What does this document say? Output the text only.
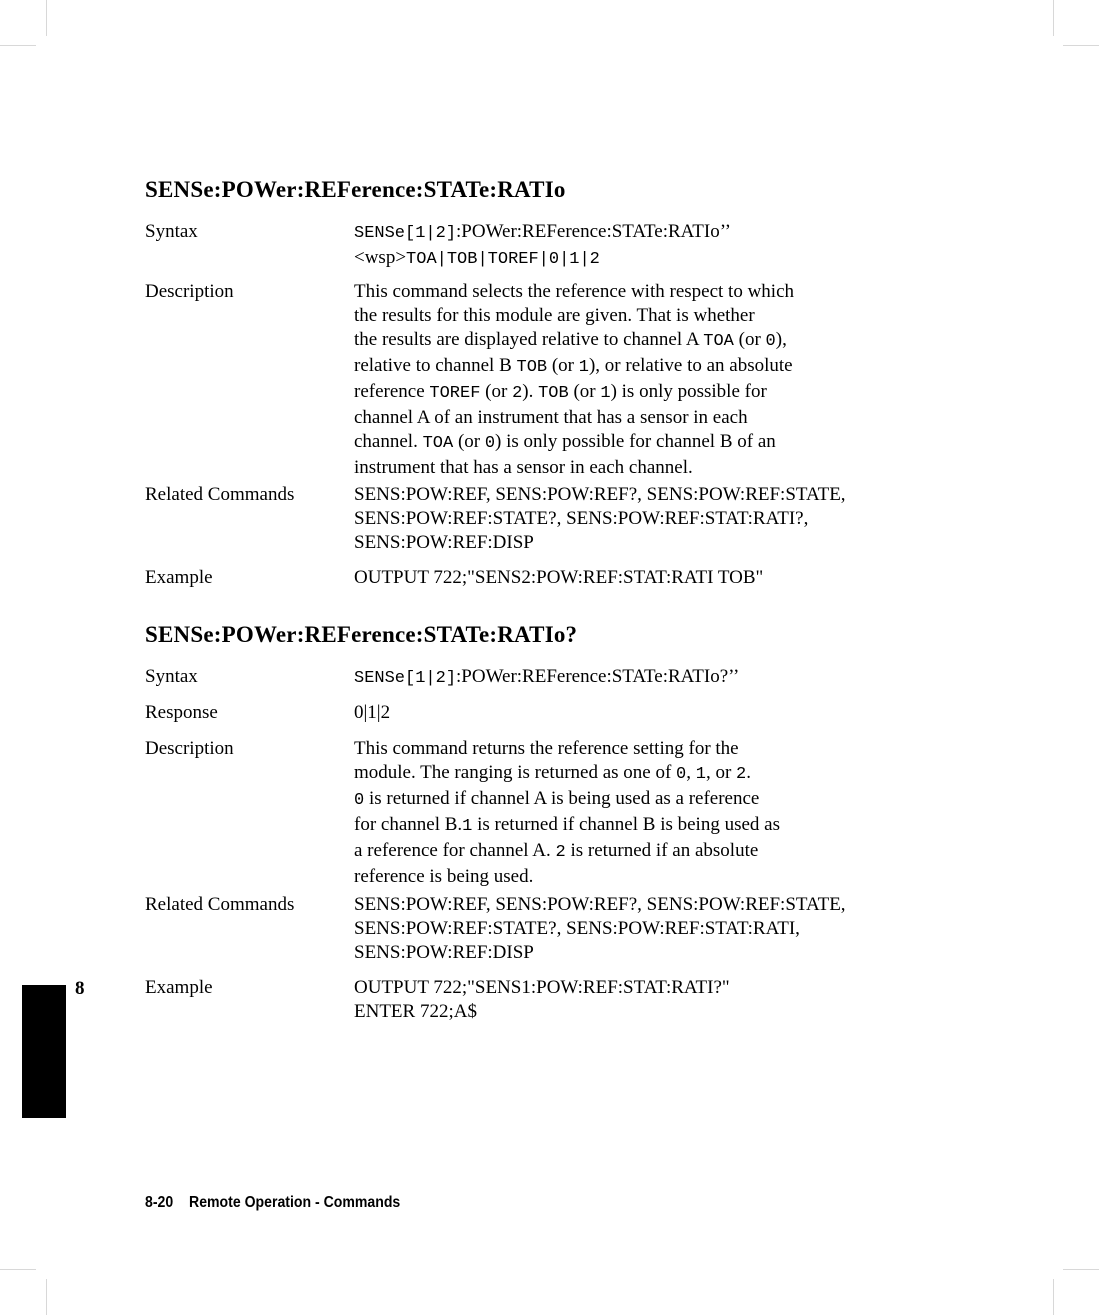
SENSe:POWer:REFerence:STATe:RATIo
Syntax	SENSe[1|2]:POWer:REFerence:STATe:RATIo’’
<wsp>TOA|TOB|TOREF|0|1|2
Description	This command selects the reference with respect to which
the results for this module are given. That is whether
the results are displayed relative to channel A TOA (or 0),
relative to channel B TOB (or 1), or relative to an absolute
reference TOREF (or 2). TOB (or 1) is only possible for
channel A of an instrument that has a sensor in each
channel. TOA (or 0) is only possible for channel B of an
instrument that has a sensor in each channel.
Related Commands	SENS:POW:REF, SENS:POW:REF?, SENS:POW:REF:STATE,
SENS:POW:REF:STATE?, SENS:POW:REF:STAT:RATI?,
SENS:POW:REF:DISP
Example	OUTPUT 722;"SENS2:POW:REF:STAT:RATI TOB"
SENSe:POWer:REFerence:STATe:RATIo?
Syntax	SENSe[1|2]:POWer:REFerence:STATe:RATIo?’’
Response	0|1|2
Description	This command returns the reference setting for the
module. The ranging is returned as one of 0, 1, or 2.
0 is returned if channel A is being used as a reference
for channel B.1 is returned if channel B is being used as
a reference for channel A. 2 is returned if an absolute
reference is being used.
Related Commands	SENS:POW:REF, SENS:POW:REF?, SENS:POW:REF:STATE,
SENS:POW:REF:STATE?, SENS:POW:REF:STAT:RATI,
SENS:POW:REF:DISP
Example	OUTPUT 722;"SENS1:POW:REF:STAT:RATI?"
ENTER 722;A$
8
8-20 Remote Operation - Commands
